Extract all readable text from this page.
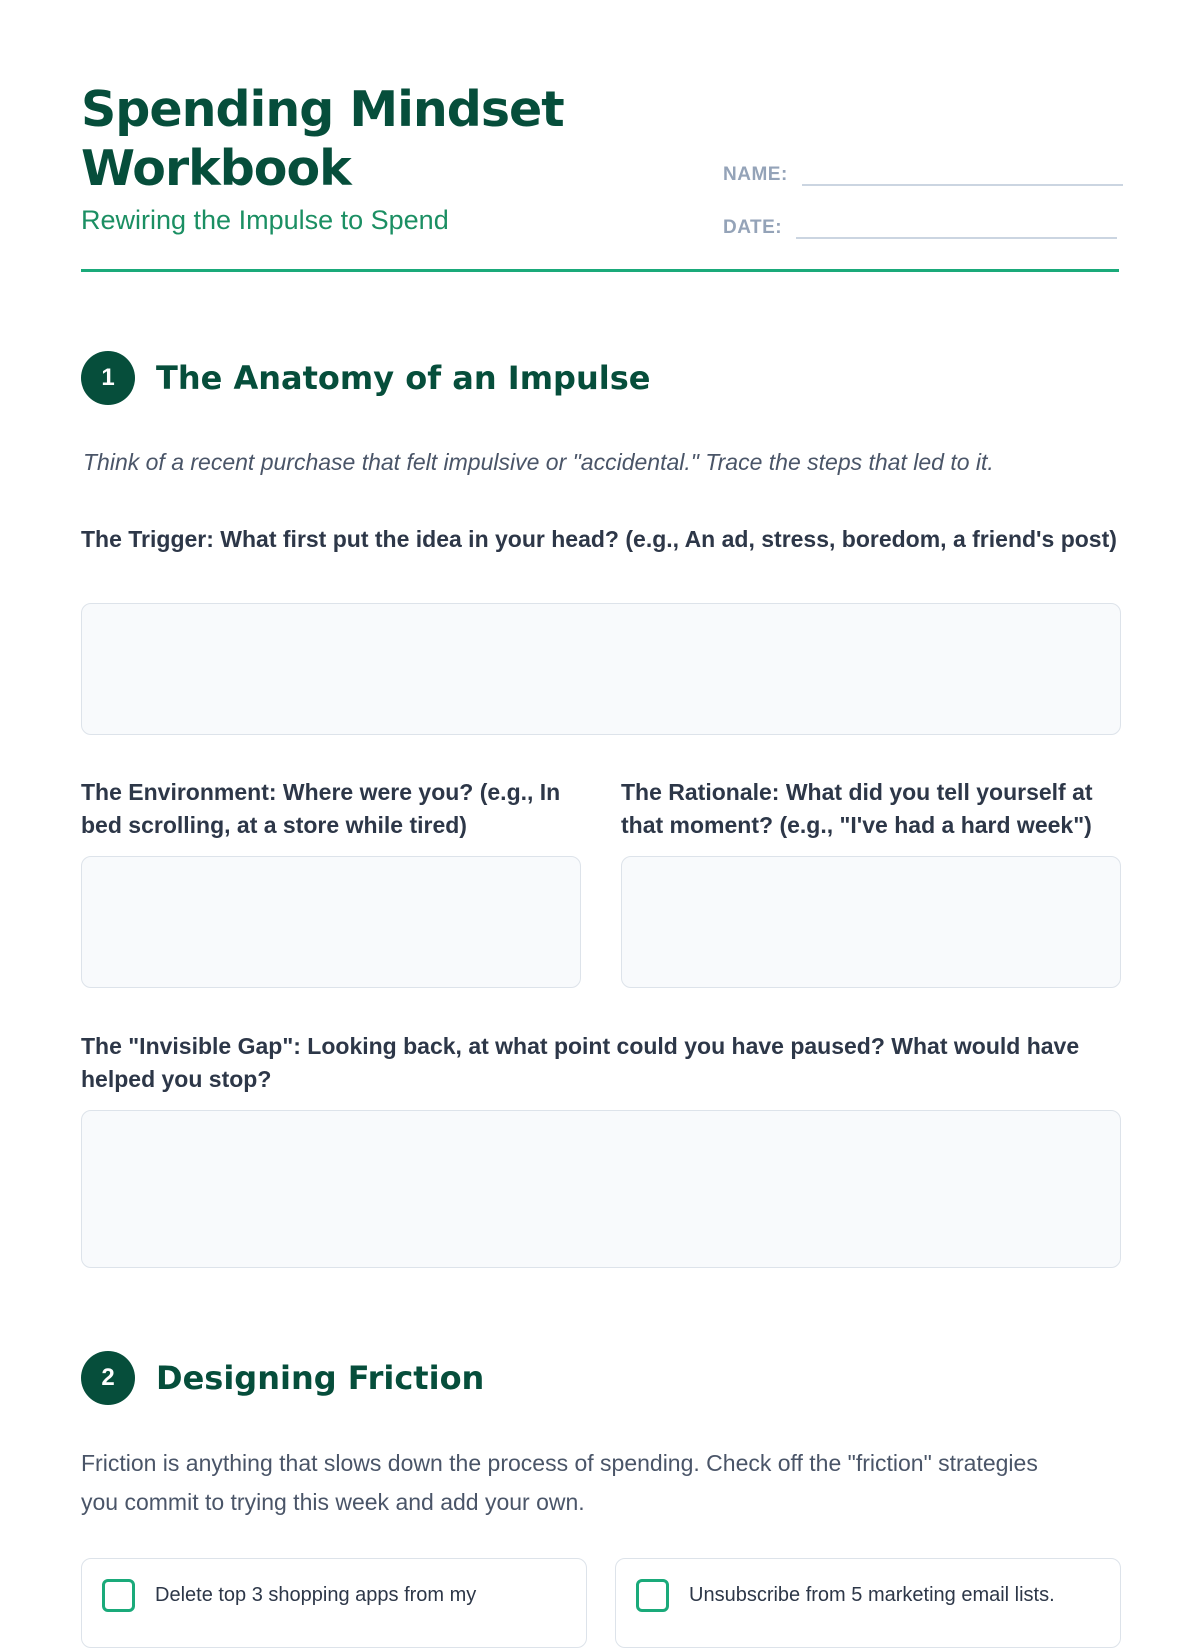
Spending Mindset Workbook
Rewiring the Impulse to Spend
NAME:
DATE:
1	The Anatomy of an Impulse
Think of a recent purchase that felt impulsive or "accidental." Trace the steps that led to it.
The Trigger: What first put the idea in your head? (e.g., An ad, stress, boredom, a friend's post)
The Environment: Where were you? (e.g., In bed scrolling, at a store while tired)
The Rationale: What did you tell yourself at that moment? (e.g., "I've had a hard week")
The "Invisible Gap": Looking back, at what point could you have paused? What would have helped you stop?
2	Designing Friction
Friction is anything that slows down the process of spending. Check off the "friction" strategies you commit to trying this week and add your own.
Delete top 3 shopping apps from my	Unsubscribe from 5 marketing email lists.
